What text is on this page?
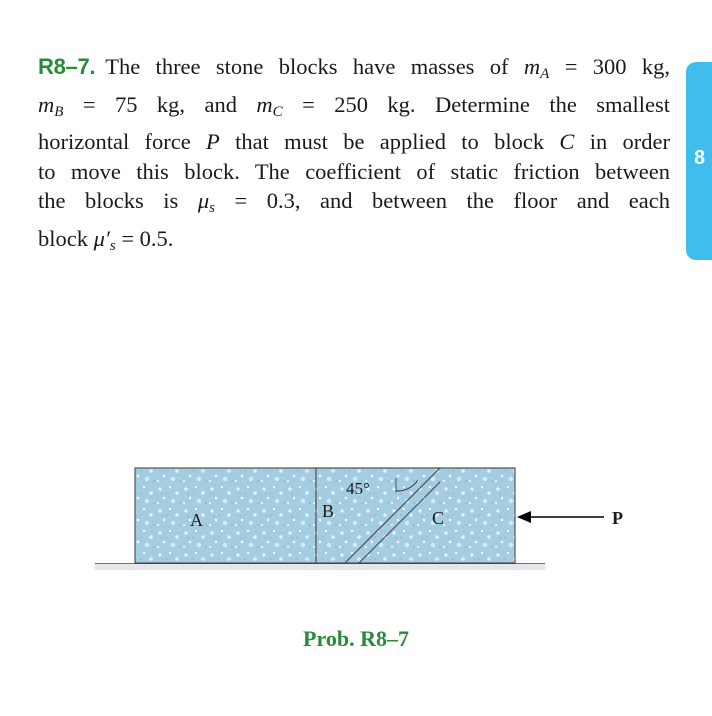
R8–7. The three stone blocks have masses of $m_A = 300$ kg,
$m_B = 75$ kg, and $m_C = 250$ kg. Determine the smallest
horizontal force P that must be applied to block C in order
to move this block. The coefficient of static friction between
the blocks is $\mu_s = 0.3$, and between the floor and each
block $\mu'_s = 0.5$.
8
A	B	C
45°
P
Prob. R8–7
